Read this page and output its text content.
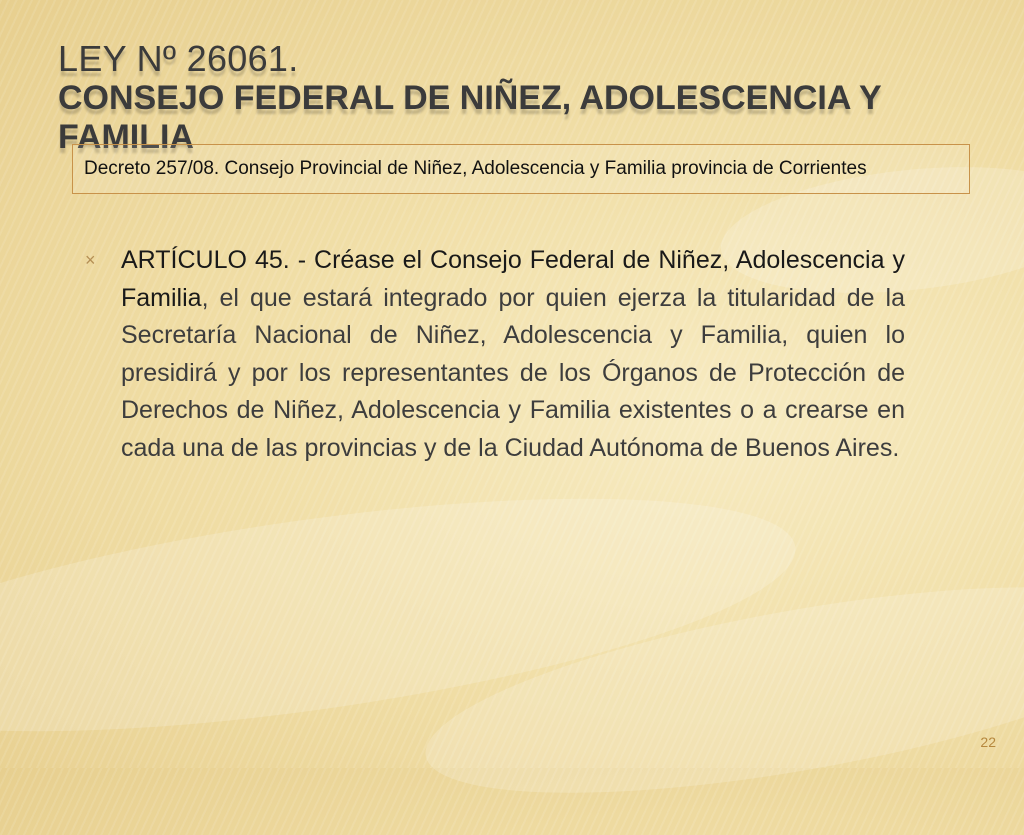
LEY Nº 26061.
CONSEJO FEDERAL DE NIÑEZ, ADOLESCENCIA Y FAMILIA
Decreto 257/08. Consejo Provincial de Niñez, Adolescencia y Familia provincia de Corrientes
× ARTÍCULO 45. - Créase el Consejo Federal de Niñez, Adolescencia y Familia, el que estará integrado por quien ejerza la titularidad de la Secretaría Nacional de Niñez, Adolescencia y Familia, quien lo presidirá y por los representantes de los Órganos de Protección de Derechos de Niñez, Adolescencia y Familia existentes o a crearse en cada una de las provincias y de la Ciudad Autónoma de Buenos Aires.
22
